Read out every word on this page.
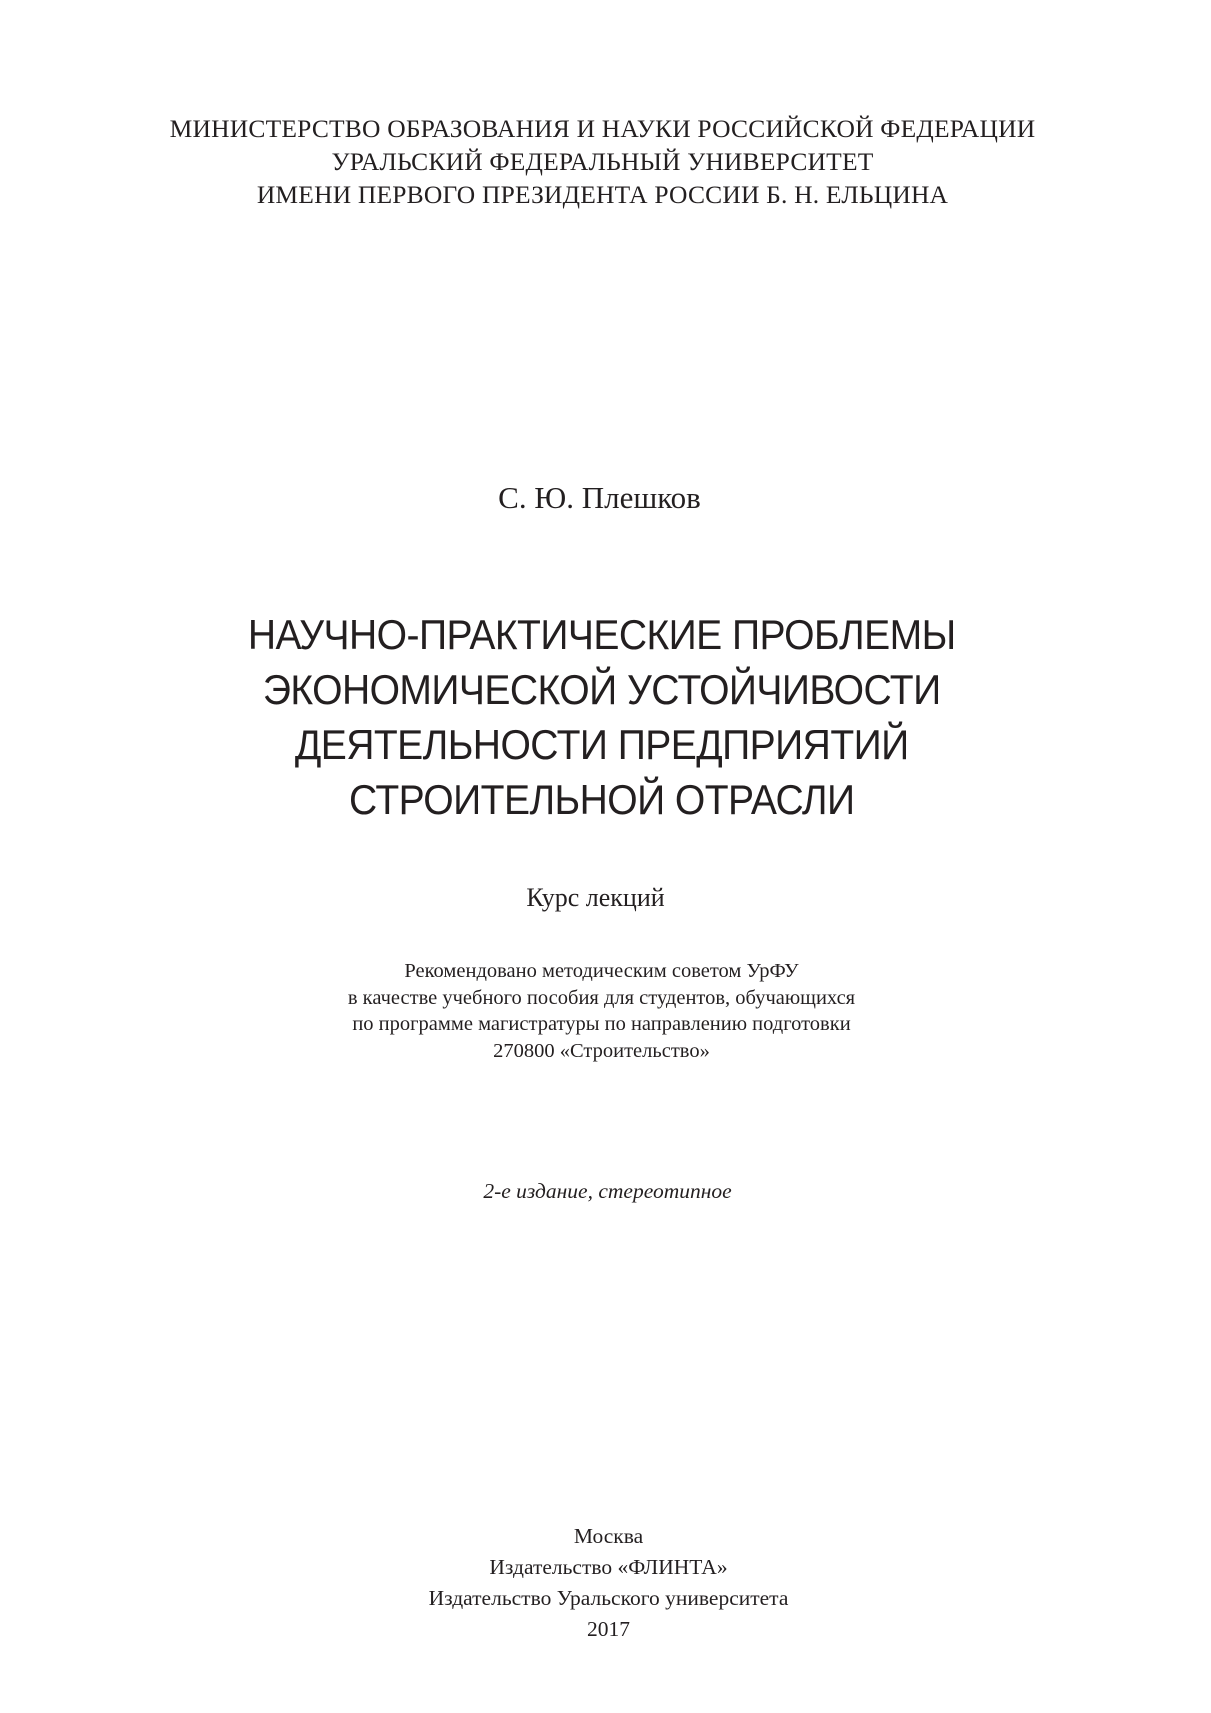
МИНИСТЕРСТВО ОБРАЗОВАНИЯ И НАУКИ РОССИЙСКОЙ ФЕДЕРАЦИИ
УРАЛЬСКИЙ ФЕДЕРАЛЬНЫЙ УНИВЕРСИТЕТ
ИМЕНИ ПЕРВОГО ПРЕЗИДЕНТА РОССИИ Б. Н. ЕЛЬЦИНА
С. Ю. Плешков
НАУЧНО-ПРАКТИЧЕСКИЕ ПРОБЛЕМЫ
ЭКОНОМИЧЕСКОЙ УСТОЙЧИВОСТИ
ДЕЯТЕЛЬНОСТИ ПРЕДПРИЯТИЙ
СТРОИТЕЛЬНОЙ ОТРАСЛИ
Курс лекций
Рекомендовано методическим советом УрФУ
в качестве учебного пособия для студентов, обучающихся
по программе магистратуры по направлению подготовки
270800 «Строительство»
2-е издание, стереотипное
Москва
Издательство «ФЛИНТА»
Издательство Уральского университета
2017
